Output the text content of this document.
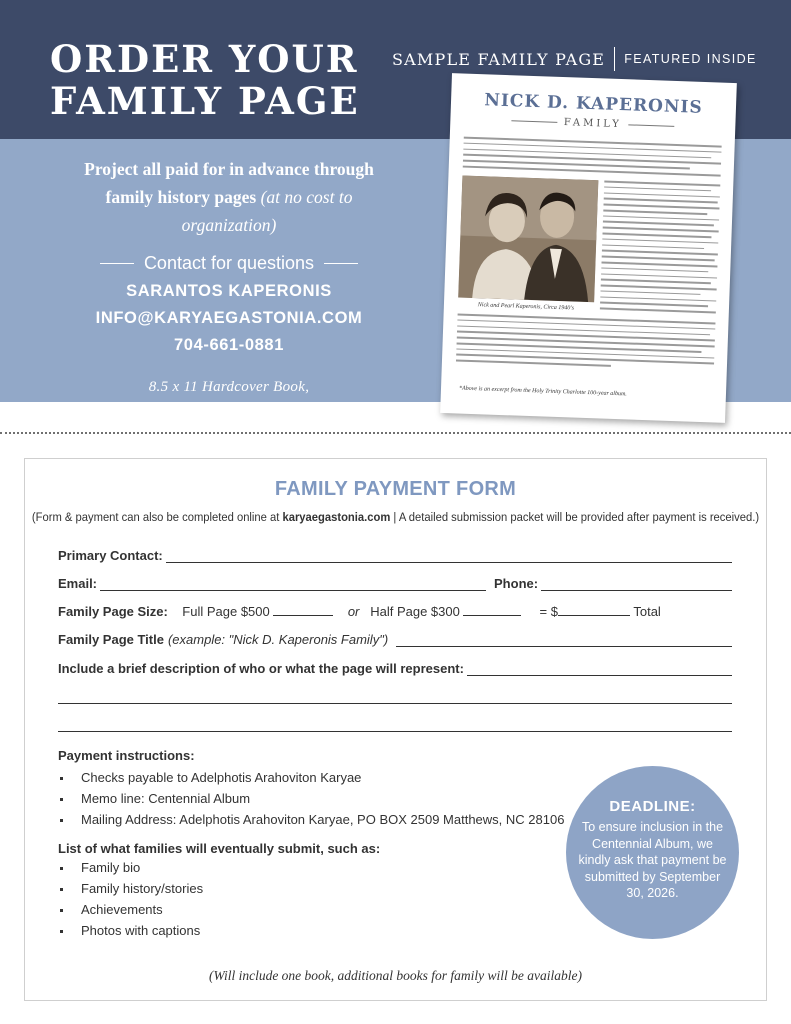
ORDER YOUR
FAMILY PAGE
SAMPLE FAMILY PAGE FEATURED INSIDE
Project all paid for in advance through
family history pages (at no cost to organization)
Contact for questions
SARANTOS KAPERONIS
INFO@KARYAEGASTONIA.COM
704-661-0881
8.5 x 11 Hardcover Book,
Approximately 200 Pages, Full Color Design
NICK D. KAPERONIS
FAMILY
Nick and Pearl Kaperonis, Circa 1940's
*Above is an excerpt from the Holy Trinity Charlotte 100-year album.
FAMILY PAYMENT FORM
(Form & payment can also be completed online at karyaegastonia.com | A detailed submission packet will be provided after payment is received.)
Primary Contact:
Email:	Phone:
Family Page Size: Full Page $500	or Half Page $300	= $	Total
Family Page Title (example: "Nick D. Kaperonis Family")
Include a brief description of who or what the page will represent:
Payment instructions:
Checks payable to Adelphotis Arahoviton Karyae
Memo line: Centennial Album
Mailing Address: Adelphotis Arahoviton Karyae, PO BOX 2509 Matthews, NC 28106
List of what families will eventually submit, such as:
Family bio
Family history/stories
Achievements
Photos with captions
DEADLINE:
To ensure inclusion in the Centennial Album, we kindly ask that payment be submitted by September 30, 2026.
(Will include one book, additional books for family will be available)
